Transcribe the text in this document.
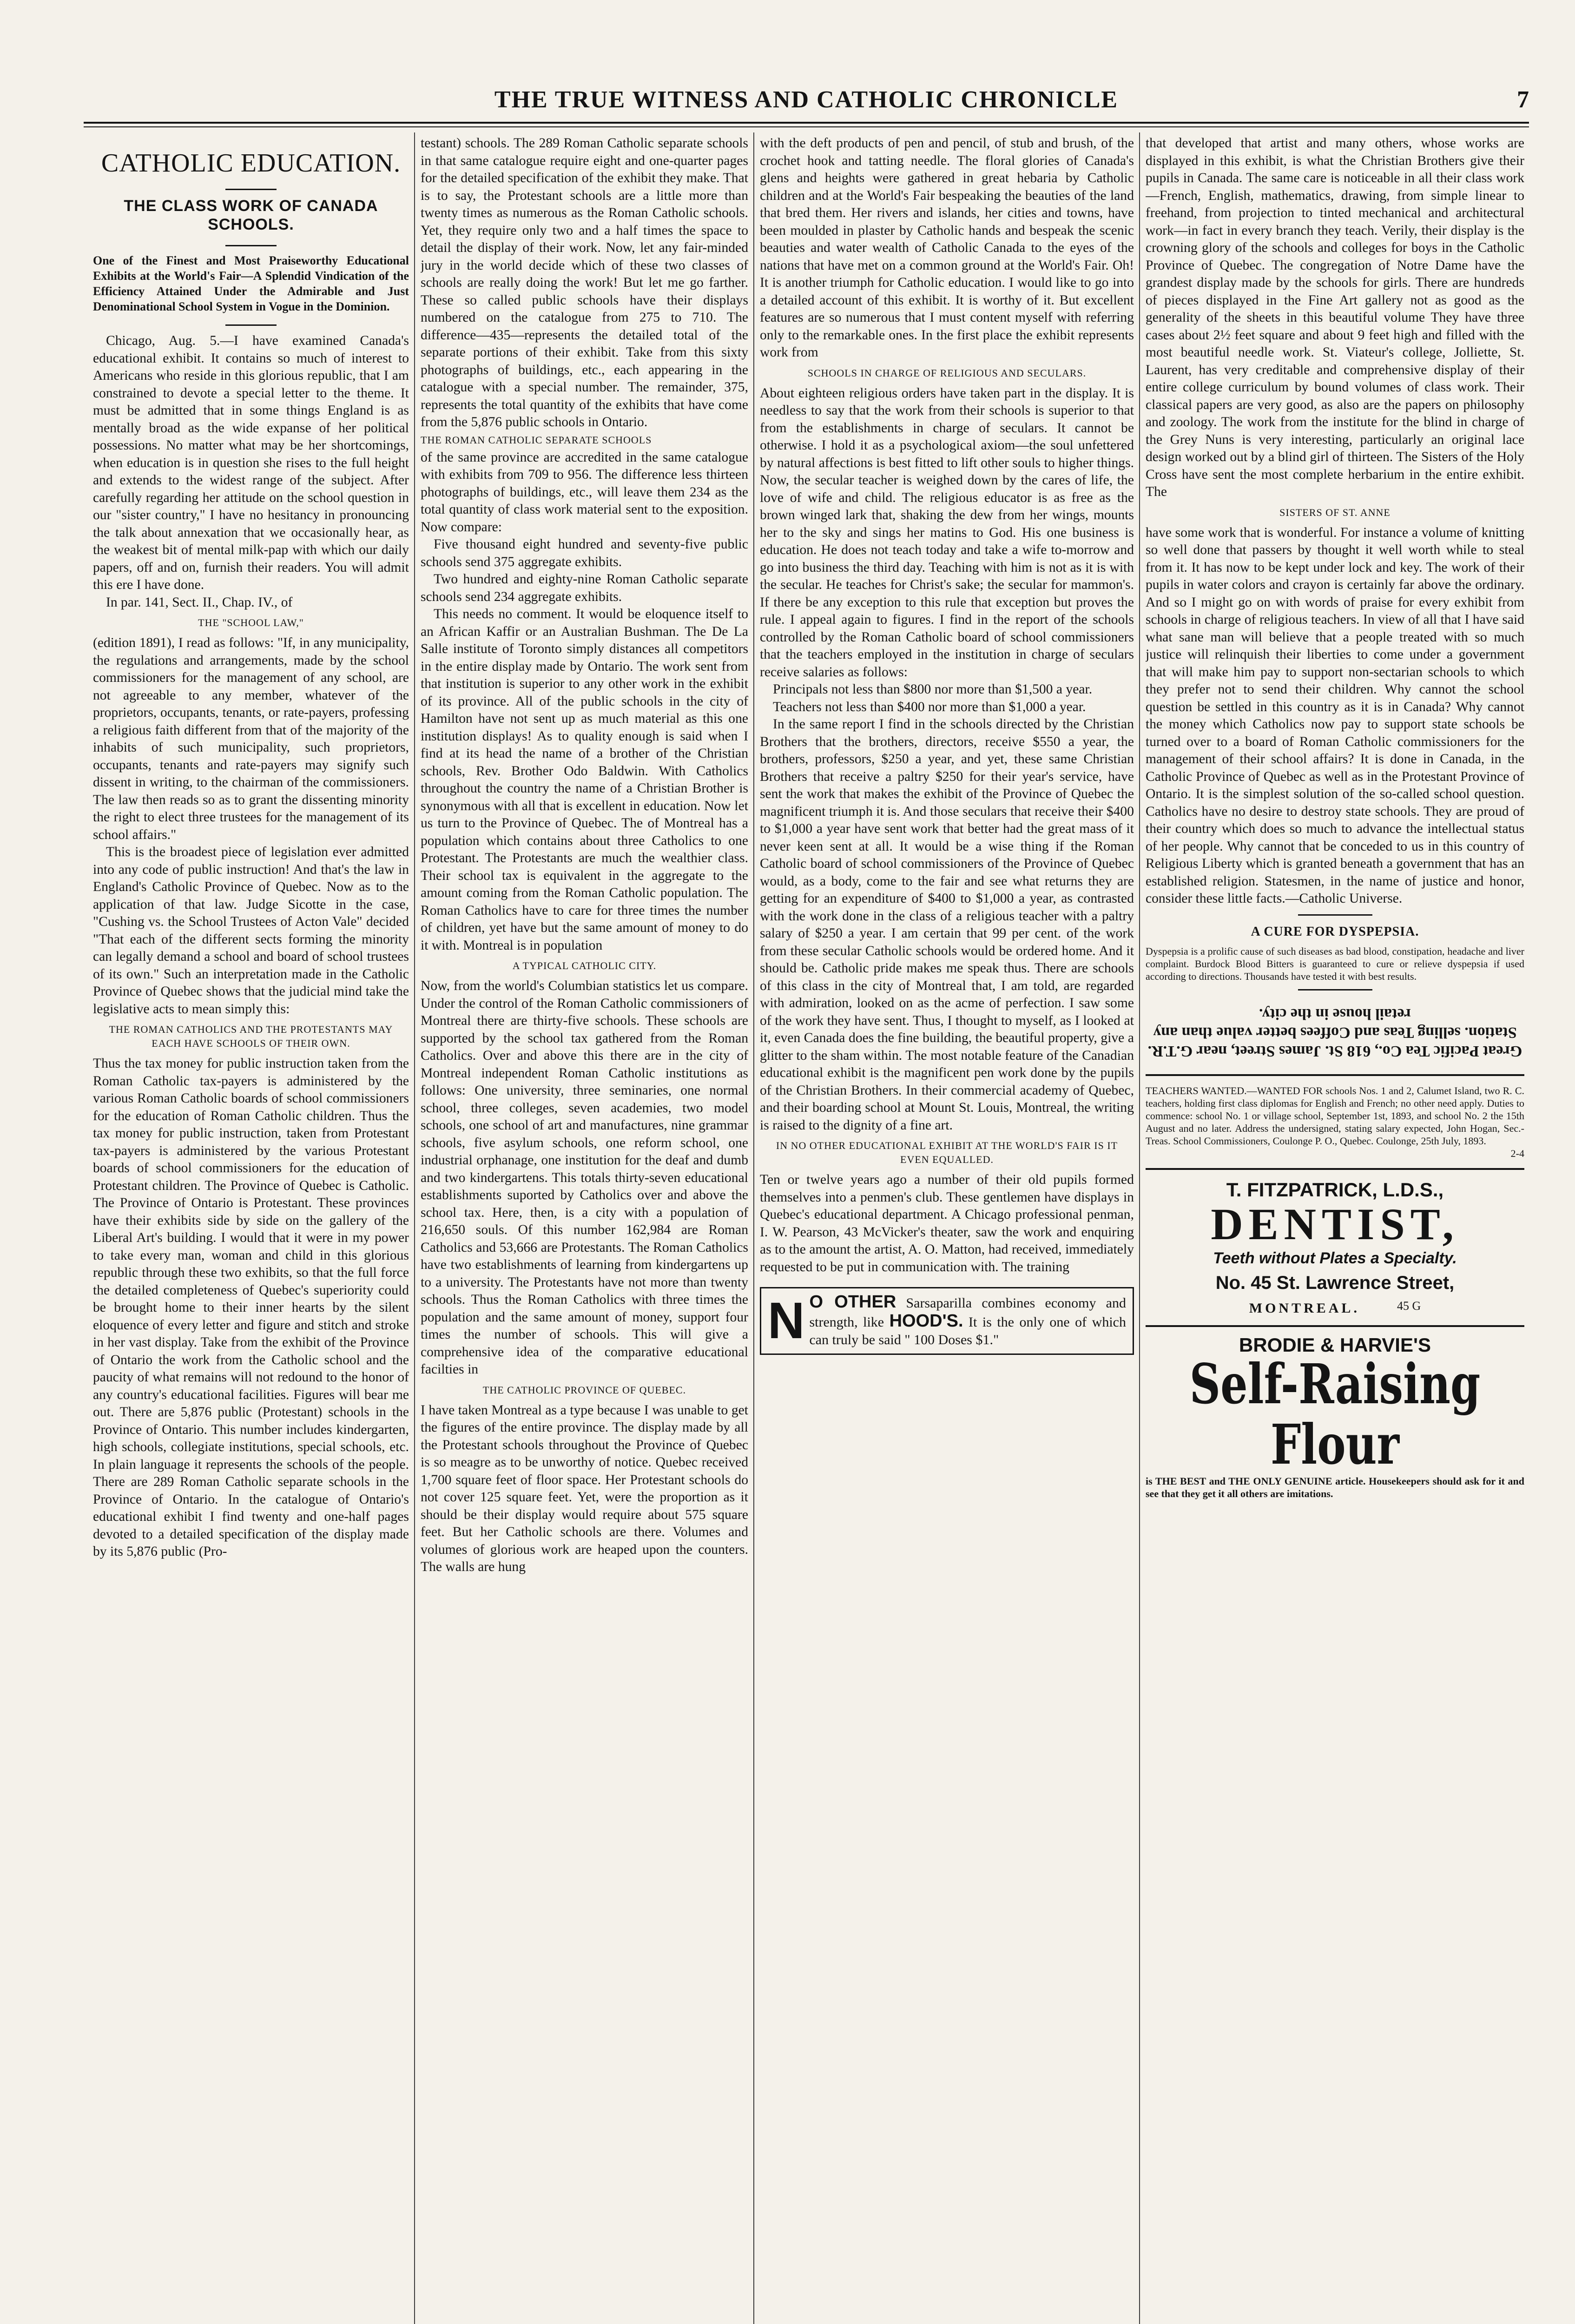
THE TRUE WITNESS AND CATHOLIC CHRONICLE	7
CATHOLIC EDUCATION.
THE CLASS WORK OF CANADA SCHOOLS.
One of the Finest and Most Praiseworthy Educational Exhibits at the World's Fair—A Splendid Vindication of the Efficiency Attained Under the Admirable and Just Denominational School System in Vogue in the Dominion.

Chicago, Aug. 5.—I have examined Canada's educational exhibit. It contains so much of interest to Americans who reside in this glorious republic, that I am constrained to devote a special letter to the theme. It must be admitted that in some things England is as mentally broad as the wide expanse of her political possessions. No matter what may be her shortcomings, when education is in question she rises to the full height and extends to the widest range of the subject. After carefully regarding her attitude on the school question in our "sister country," I have no hesitancy in pronouncing the talk about annexation that we occasionally hear, as the weakest bit of mental milk-pap with which our daily papers, off and on, furnish their readers. You will admit this ere I have done.

In par. 141, Sect. II., Chap. IV., of

THE "SCHOOL LAW,"

(edition 1891), I read as follows: "If, in any municipality, the regulations and arrangements, made by the school commissioners for the management of any school, are not agreeable to any member, whatever of the proprietors, occupants, tenants, or rate-payers, professing a religious faith different from that of the majority of the inhabits of such municipality, such proprietors, occupants, tenants and rate-payers may signify such dissent in writing, to the chairman of the commissioners. The law then reads so as to grant the dissenting minority the right to elect three trustees for the management of its school affairs."

This is the broadest piece of legislation ever admitted into any code of public instruction! And that's the law in England's Catholic Province of Quebec. Now as to the application of that law. Judge Sicotte in the case, "Cushing vs. the School Trustees of Acton Vale" decided "That each of the different sects forming the minority can legally demand a school and board of school trustees of its own." Such an interpretation made in the Catholic Province of Quebec shows that the judicial mind take the legislative acts to mean simply this:

THE ROMAN CATHOLICS AND THE PROTESTANTS MAY EACH HAVE SCHOOLS OF THEIR OWN.

Thus the tax money for public instruction taken from the Roman Catholic tax-payers is administered by the various Roman Catholic boards of school commissioners for the education of Roman Catholic children. Thus the tax money for public instruction, taken from Protestant tax-payers is administered by the various Protestant boards of school commissioners for the education of Protestant children. The Province of Quebec is Catholic. The Province of Ontario is Protestant. These provinces have their exhibits side by side on the gallery of the Liberal Art's building. I would that it were in my power to take every man, woman and child in this glorious republic through these two exhibits, so that the full force the detailed completeness of Quebec's superiority could be brought home to their inner hearts by the silent eloquence of every letter and figure and stitch and stroke in her vast display. Take from the exhibit of the Province of Ontario the work from the Catholic school and the paucity of what remains will not redound to the honor of any country's educational facilities. Figures will bear me out. There are 5,876 public (Protestant) schools in the Province of Ontario. This number includes kindergarten, high schools, collegiate institutions, special schools, etc. In plain language it represents the schools of the people. There are 289 Roman Catholic separate schools in the Province of Ontario. In the catalogue of Ontario's educational exhibit I find twenty and one-half pages devoted to a detailed specification of the display made by its 5,876 public (Pro-

testant) schools. The 289 Roman Catholic separate schools in that same catalogue require eight and one-quarter pages for the detailed specification of the exhibit they make. That is to say, the Protestant schools are a little more than twenty times as numerous as the Roman Catholic schools. Yet, they require only two and a half times the space to detail the display of their work. Now, let any fair-minded jury in the world decide which of these two classes of schools are really doing the work! But let me go farther. These so called public schools have their displays numbered on the catalogue from 275 to 710. The difference—435—represents the detailed total of the separate portions of their exhibit. Take from this sixty photographs of buildings, etc., each appearing in the catalogue with a special number. The remainder, 375, represents the total quantity of the exhibits that have come from the 5,876 public schools in Ontario.

THE ROMAN CATHOLIC SEPARATE SCHOOLS

of the same province are accredited in the same catalogue with exhibits from 709 to 956. The difference less thirteen photographs of buildings, etc., will leave them 234 as the total quantity of class work material sent to the exposition. Now compare:

Five thousand eight hundred and seventy-five public schools send 375 aggregate exhibits.

Two hundred and eighty-nine Roman Catholic separate schools send 234 aggregate exhibits.

This needs no comment. It would be eloquence itself to an African Kaffir or an Australian Bushman. The De La Salle institute of Toronto simply distances all competitors in the entire display made by Ontario. The work sent from that institution is superior to any other work in the exhibit of its province. All of the public schools in the city of Hamilton have not sent up as much material as this one institution displays! As to quality enough is said when I find at its head the name of a brother of the Christian schools, Rev. Brother Odo Baldwin. With Catholics throughout the country the name of a Christian Brother is synonymous with all that is excellent in education. Now let us turn to the Province of Quebec. The of Montreal has a population which contains about three Catholics to one Protestant. The Protestants are much the wealthier class. Their school tax is equivalent in the aggregate to the amount coming from the Roman Catholic population. The Roman Catholics have to care for three times the number of children, yet have but the same amount of money to do it with. Montreal is in population

A TYPICAL CATHOLIC CITY.

Now, from the world's Columbian statistics let us compare. Under the control of the Roman Catholic commissioners of Montreal there are thirty-five schools. These schools are supported by the school tax gathered from the Roman Catholics. Over and above this there are in the city of Montreal independent Roman Catholic institutions as follows: One university, three seminaries, one normal school, three colleges, seven academies, two model schools, one school of art and manufactures, nine grammar schools, five asylum schools, one reform school, one industrial orphanage, one institution for the deaf and dumb and two kindergartens. This totals thirty-seven educational establishments suported by Catholics over and above the school tax. Here, then, is a city with a population of 216,650 souls. Of this number 162,984 are Roman Catholics and 53,666 are Protestants. The Roman Catholics have two establishments of learning from kindergartens up to a university. The Protestants have not more than twenty schools. Thus the Roman Catholics with three times the population and the same amount of money, support four times the number of schools. This will give a comprehensive idea of the comparative educational facilties in

THE CATHOLIC PROVINCE OF QUEBEC.

I have taken Montreal as a type because I was unable to get the figures of the entire province. The display made by all the Protestant schools throughout the Province of Quebec is so meagre as to be unworthy of notice. Quebec received 1,700 square feet of floor space. Her Protestant schools do not cover 125 square feet. Yet, were the proportion as it should be their display would require about 575 square feet. But her Catholic schools are there. Volumes and volumes of glorious work are heaped upon the counters. The walls are hung

with the deft products of pen and pencil, of stub and brush, of the crochet hook and tatting needle. The floral glories of Canada's glens and heights were gathered in great hebaria by Catholic children and at the World's Fair bespeaking the beauties of the land that bred them. Her rivers and islands, her cities and towns, have been moulded in plaster by Catholic hands and bespeak the scenic beauties and water wealth of Catholic Canada to the eyes of the nations that have met on a common ground at the World's Fair. Oh! It is another triumph for Catholic education. I would like to go into a detailed account of this exhibit. It is worthy of it. But excellent features are so numerous that I must content myself with referring only to the remarkable ones. In the first place the exhibit represents work from

SCHOOLS IN CHARGE OF RELIGIOUS AND SECULARS.

About eighteen religious orders have taken part in the display. It is needless to say that the work from their schools is superior to that from the establishments in charge of seculars. It cannot be otherwise. I hold it as a psychological axiom—the soul unfettered by natural affections is best fitted to lift other souls to higher things. Now, the secular teacher is weighed down by the cares of life, the love of wife and child. The religious educator is as free as the brown winged lark that, shaking the dew from her wings, mounts her to the sky and sings her matins to God. His one business is education. He does not teach today and take a wife to-morrow and go into business the third day. Teaching with him is not as it is with the secular. He teaches for Christ's sake; the secular for mammon's. If there be any exception to this rule that exception but proves the rule. I appeal again to figures. I find in the report of the schools controlled by the Roman Catholic board of school commissioners that the teachers employed in the institution in charge of seculars receive salaries as follows:

Principals not less than $800 nor more than $1,500 a year.

Teachers not less than $400 nor more than $1,000 a year.

In the same report I find in the schools directed by the Christian Brothers that the brothers, directors, receive $550 a year, the brothers, professors, $250 a year, and yet, these same Christian Brothers that receive a paltry $250 for their year's service, have sent the work that makes the exhibit of the Province of Quebec the magnificent triumph it is. And those seculars that receive their $400 to $1,000 a year have sent work that better had the great mass of it never keen sent at all. It would be a wise thing if the Roman Catholic board of school commissioners of the Province of Quebec would, as a body, come to the fair and see what returns they are getting for an expenditure of $400 to $1,000 a year, as contrasted with the work done in the class of a religious teacher with a paltry salary of $250 a year. I am certain that 99 per cent. of the work from these secular Catholic schools would be ordered home. And it should be. Catholic pride makes me speak thus. There are schools of this class in the city of Montreal that, I am told, are regarded with admiration, looked on as the acme of perfection. I saw some of the work they have sent. Thus, I thought to myself, as I looked at it, even Canada does the fine building, the beautiful property, give a glitter to the sham within. The most notable feature of the Canadian educational exhibit is the magnificent pen work done by the pupils of the Christian Brothers. In their commercial academy of Quebec, and their boarding school at Mount St. Louis, Montreal, the writing is raised to the dignity of a fine art.

IN NO OTHER EDUCATIONAL EXHIBIT AT THE WORLD'S FAIR IS IT EVEN EQUALLED.

Ten or twelve years ago a number of their old pupils formed themselves into a penmen's club. These gentlemen have displays in Quebec's educational department. A Chicago professional penman, I. W. Pearson, 43 McVicker's theater, saw the work and enquiring as to the amount the artist, A. O. Matton, had received, immediately requested to be put in communication with. The training

N O OTHER Sarsaparilla combines economy and strength, like HOOD'S. It is the only one of which can truly be said " 100 Doses $1."

that developed that artist and many others, whose works are displayed in this exhibit, is what the Christian Brothers give their pupils in Canada. The same care is noticeable in all their class work—French, English, mathematics, drawing, from simple linear to freehand, from projection to tinted mechanical and architectural work—in fact in every branch they teach. Verily, their display is the crowning glory of the schools and colleges for boys in the Catholic Province of Quebec. The congregation of Notre Dame have the grandest display made by the schools for girls. There are hundreds of pieces displayed in the Fine Art gallery not as good as the generality of the sheets in this beautiful volume They have three cases about 2½ feet square and about 9 feet high and filled with the most beautiful needle work. St. Viateur's college, Jolliette, St. Laurent, has very creditable and comprehensive display of their entire college curriculum by bound volumes of class work. Their classical papers are very good, as also are the papers on philosophy and zoology. The work from the institute for the blind in charge of the Grey Nuns is very interesting, particularly an original lace design worked out by a blind girl of thirteen. The Sisters of the Holy Cross have sent the most complete herbarium in the entire exhibit. The

SISTERS OF ST. ANNE

have some work that is wonderful. For instance a volume of knitting so well done that passers by thought it well worth while to steal from it. It has now to be kept under lock and key. The work of their pupils in water colors and crayon is certainly far above the ordinary. And so I might go on with words of praise for every exhibit from schools in charge of religious teachers. In view of all that I have said what sane man will believe that a people treated with so much justice will relinquish their liberties to come under a government that will make him pay to support non-sectarian schools to which they prefer not to send their children. Why cannot the school question be settled in this country as it is in Canada? Why cannot the money which Catholics now pay to support state schools be turned over to a board of Roman Catholic commissioners for the management of their school affairs? It is done in Canada, in the Catholic Province of Quebec as well as in the Protestant Province of Ontario. It is the simplest solution of the so-called school question. Catholics have no desire to destroy state schools. They are proud of their country which does so much to advance the intellectual status of her people. Why cannot that be conceded to us in this country of Religious Liberty which is granted beneath a government that has an established religion. Statesmen, in the name of justice and honor, consider these little facts.—Catholic Universe.

A CURE FOR DYSPEPSIA.
Dyspepsia is a prolific cause of such diseases as bad blood, constipation, headache and liver complaint. Burdock Blood Bitters is guaranteed to cure or relieve dyspepsia if used according to directions. Thousands have tested it with best results.
Great Pacific Tea Co., 618 St. James Street, near G.T.R. Station. selling Teas and Coffees better value than any retail house in the city.
TEACHERS WANTED.—WANTED FOR schools Nos. 1 and 2, Calumet Island, two R. C. teachers, holding first class diplomas for English and French; no other need apply. Duties to commence: school No. 1 or village school, September 1st, 1893, and school No. 2 the 15th August and no later. Address the undersigned, stating salary expected, John Hogan, Sec.-Treas. School Commissioners, Coulonge P. O., Quebec. Coulonge, 25th July, 1893.
2-4
T. FITZPATRICK, L.D.S.,
DENTIST,
Teeth without Plates a Specialty.
No. 45 St. Lawrence Street,
MONTREAL.	45 G
BRODIE & HARVIE'S
Self-Raising Flour
is THE BEST and THE ONLY GENUINE article. Housekeepers should ask for it and see that they get it all others are imitations.
